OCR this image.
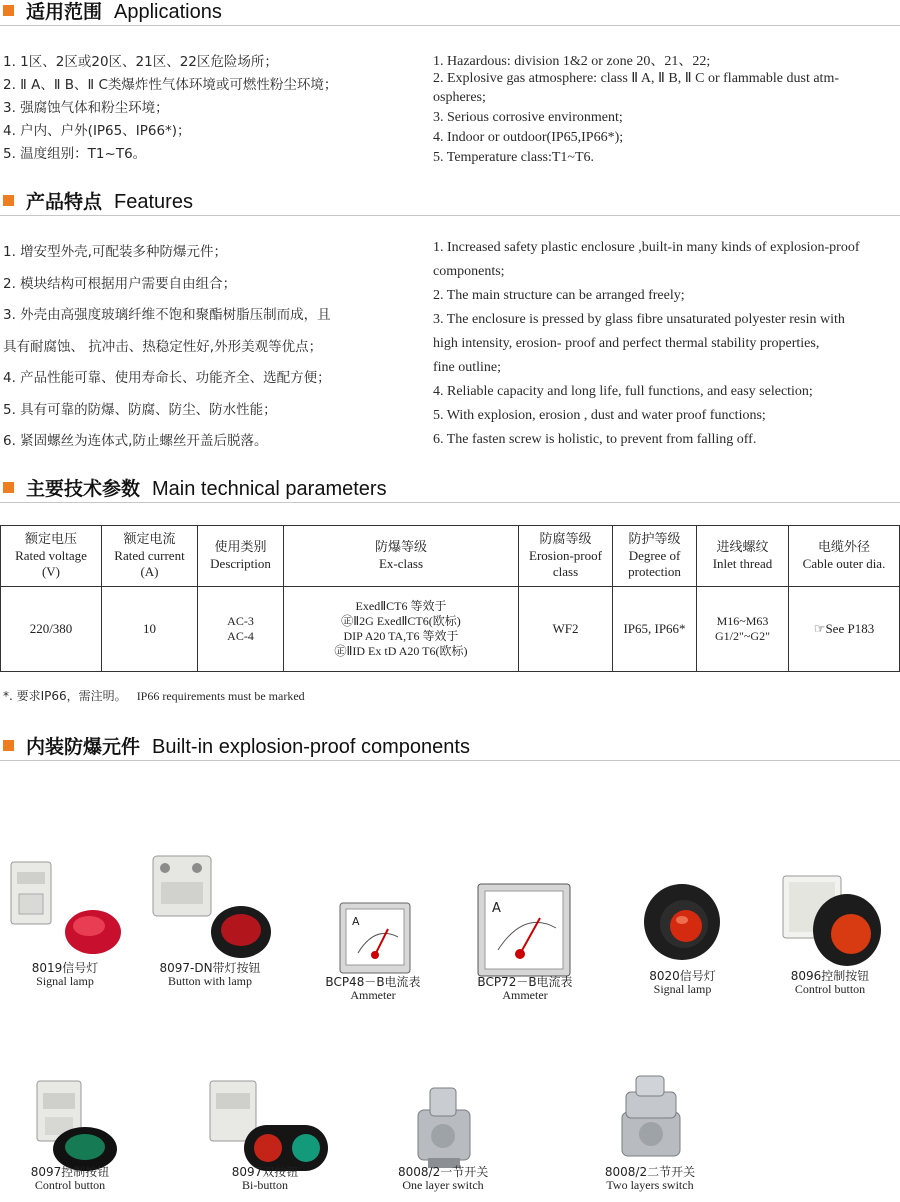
适用范围 Applications
1. 1区、2区或20区、21区、22区危险场所；
2. Ⅱ A、Ⅱ B、Ⅱ C类爆炸性气体环境或可燃性粉尘环境；
3. 强腐蚀气体和粉尘环境；
4. 户内、户外(IP65、IP66*)；
5. 温度组别：T1~T6。
1. Hazardous: division 1&2 or zone 20、21、22;
2. Explosive gas atmosphere: class Ⅱ A, Ⅱ B, Ⅱ C or flammable dust atm-
ospheres;
3. Serious corrosive environment;
4. Indoor or outdoor(IP65,IP66*);
5. Temperature class:T1~T6.
产品特点 Features
1. 增安型外壳,可配装多种防爆元件；
2. 模块结构可根据用户需要自由组合；
3. 外壳由高强度玻璃纤维不饱和聚酯树脂压制而成，且
具有耐腐蚀、 抗冲击、热稳定性好,外形美观等优点；
4. 产品性能可靠、使用寿命长、功能齐全、选配方便；
5. 具有可靠的防爆、防腐、防尘、防水性能；
6. 紧固螺丝为连体式,防止螺丝开盖后脱落。
1. Increased safety plastic enclosure ,built-in many kinds of explosion-proof
components;
2. The main structure can be arranged freely;
3. The enclosure is pressed by glass fibre unsaturated polyester resin with
high intensity, erosion- proof and perfect thermal stability properties,
fine outline;
4. Reliable capacity and long life, full functions, and easy selection;
5. With explosion, erosion , dust and water proof functions;
6. The fasten screw is holistic, to prevent from falling off.
主要技术参数 Main technical parameters
额定电压
Rated voltage
(V)	额定电流
Rated current
(A)	使用类别
Description	防爆等级
Ex-class	防腐等级
Erosion-proof
class	防护等级
Degree of
protection	进线螺纹
Inlet thread	电缆外径
Cable outer dia.

220/380	10	AC-3
AC-4	ExedⅡCT6 等效于
㊣Ⅱ2G ExedⅡCT6(欧标)
DIP A20 TA,T6 等效于
㊣ⅡID Ex tD A20 T6(欧标)	WF2	IP65, IP66*	M16~M63
G1/2"~G2"	☞See P183
*. 要求IP66，需注明。 IP66 requirements must be marked
内装防爆元件 Built-in explosion-proof components
8019信号灯
Signal lamp
8097-DN带灯按钮
Button with lamp
A
BCP48－B电流表
Ammeter
A
BCP72－B电流表
Ammeter
8020信号灯
Signal lamp
8096控制按钮
Control button
8097控制按钮
Control button
8097双按钮
Bi-button
8008/2一节开关
One layer switch
8008/2二节开关
Two layers switch
